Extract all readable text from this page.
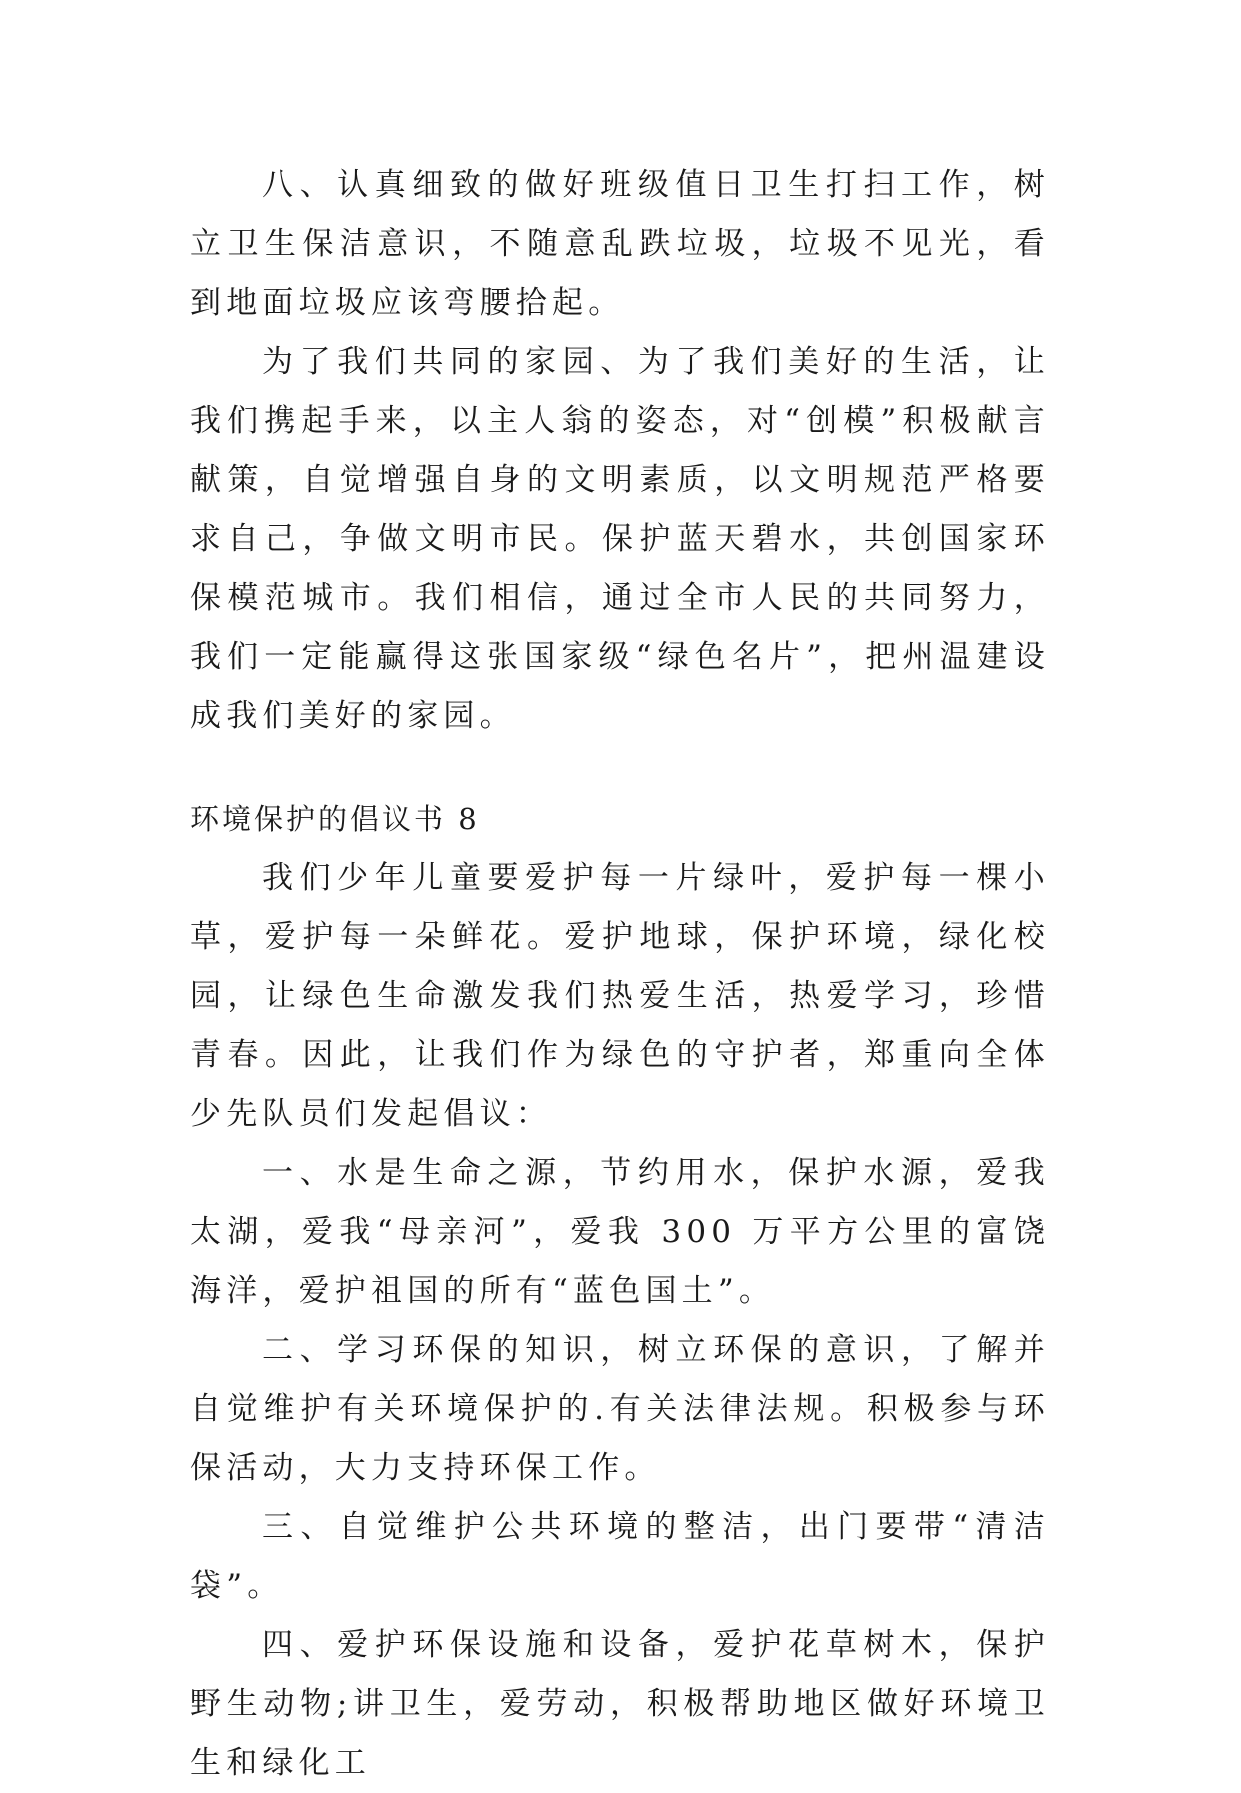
八、认真细致的做好班级值日卫生打扫工作，树立卫生保洁意识，不随意乱跌垃圾，垃圾不见光，看到地面垃圾应该弯腰拾起。

为了我们共同的家园、为了我们美好的生活，让我们携起手来，以主人翁的姿态，对“创模”积极献言献策，自觉增强自身的文明素质，以文明规范严格要求自己，争做文明市民。保护蓝天碧水，共创国家环保模范城市。我们相信，通过全市人民的共同努力，我们一定能赢得这张国家级“绿色名片”，把州温建设成我们美好的家园。

环境保护的倡议书 8

我们少年儿童要爱护每一片绿叶，爱护每一棵小草，爱护每一朵鲜花。爱护地球，保护环境，绿化校园，让绿色生命激发我们热爱生活，热爱学习，珍惜青春。因此，让我们作为绿色的守护者，郑重向全体少先队员们发起倡议：

一、水是生命之源，节约用水，保护水源，爱我太湖，爱我“母亲河”，爱我 300 万平方公里的富饶海洋，爱护祖国的所有“蓝色国土”。

二、学习环保的知识，树立环保的意识，了解并自觉维护有关环境保护的.有关法律法规。积极参与环保活动，大力支持环保工作。

三、自觉维护公共环境的整洁，出门要带“清洁袋”。

四、爱护环保设施和设备，爱护花草树木，保护野生动物;讲卫生，爱劳动，积极帮助地区做好环境卫生和绿化工
